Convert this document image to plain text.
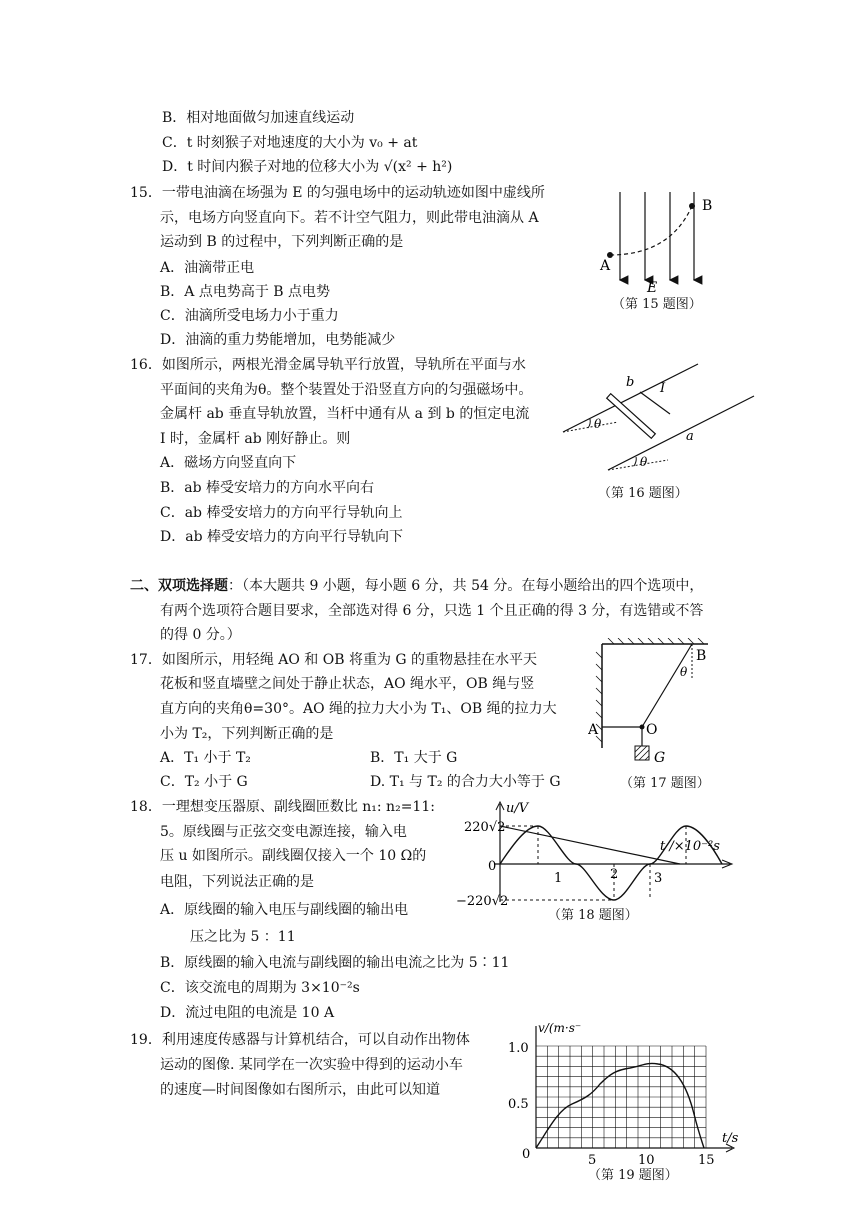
B．相对地面做匀加速直线运动
C．t 时刻猴子对地速度的大小为 v₀ + at
D．t 时间内猴子对地的位移大小为 √(x² + h²)
15．一带电油滴在场强为 E 的匀强电场中的运动轨迹如图中虚线所
示，电场方向竖直向下。若不计空气阻力，则此带电油滴从 A
运动到 B 的过程中，下列判断正确的是
A．油滴带正电
B．A 点电势高于 B 点电势
C．油滴所受电场力小于重力
D．油滴的重力势能增加，电势能减少
A
B
E
（第 15 题图）
16．如图所示，两根光滑金属导轨平行放置，导轨所在平面与水
平面间的夹角为θ。整个装置处于沿竖直方向的匀强磁场中。
金属杆 ab 垂直导轨放置，当杆中通有从 a 到 b 的恒定电流
I 时，金属杆 ab 刚好静止。则
A．磁场方向竖直向下
B．ab 棒受安培力的方向水平向右
C．ab 棒受安培力的方向平行导轨向上
D．ab 棒受安培力的方向平行导轨向下
b
a
I
θ
θ
（第 16 题图）
二、双项选择题：（本大题共 9 小题，每小题 6 分，共 54 分。在每小题给出的四个选项中，
有两个选项符合题目要求，全部选对得 6 分，只选 1 个且正确的得 3 分，有选错或不答
的得 0 分。）
17．如图所示，用轻绳 AO 和 OB 将重为 G 的重物悬挂在水平天
花板和竖直墙壁之间处于静止状态，AO 绳水平，OB 绳与竖
直方向的夹角θ=30°。AO 绳的拉力大小为 T₁、OB 绳的拉力大
小为 T₂，下列判断正确的是
A．T₁ 小于 T₂	B．T₁ 大于 G
C．T₂ 小于 G	D. T₁ 与 T₂ 的合力大小等于 G
A
B
O
G
θ
（第 17 题图）
18．一理想变压器原、副线圈匝数比 n₁: n₂=11:
5。原线圈与正弦交变电源连接，输入电
压 u 如图所示。副线圈仅接入一个 10 Ω的
电阻，下列说法正确的是
A．原线圈的输入电压与副线圈的输出电
压之比为 5 ：11
B．原线圈的输入电流与副线圈的输出电流之比为 5∶11
C．该交流电的周期为 3×10⁻²s
D．流过电阻的电流是 10 A
u/V
220√2
−220√2
0
1	2	3
t /×10⁻²s
（第 18 题图）
19．利用速度传感器与计算机结合，可以自动作出物体
运动的图像. 某同学在一次实验中得到的运动小车
的速度—时间图像如右图所示，由此可以知道
v/(m·s⁻
1.0
0.5
0	5	10	15
t/s
（第 19 题图）
